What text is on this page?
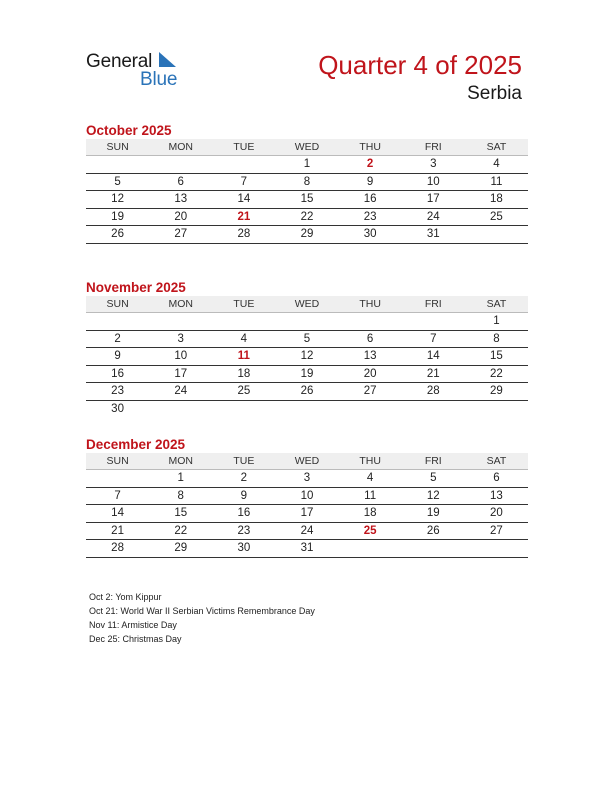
General
Blue	Quarter 4 of 2025
Serbia
October 2025
SUN	MON	TUE	WED	THU	FRI	SAT
			1	2	3	4
5	6	7	8	9	10	11
12	13	14	15	16	17	18
19	20	21	22	23	24	25
26	27	28	29	30	31	
November 2025
SUN	MON	TUE	WED	THU	FRI	SAT
						1
2	3	4	5	6	7	8
9	10	11	12	13	14	15
16	17	18	19	20	21	22
23	24	25	26	27	28	29
30						
December 2025
SUN	MON	TUE	WED	THU	FRI	SAT
	1	2	3	4	5	6
7	8	9	10	11	12	13
14	15	16	17	18	19	20
21	22	23	24	25	26	27
28	29	30	31			
Oct 2: Yom Kippur
Oct 21: World War II Serbian Victims Remembrance Day
Nov 11: Armistice Day
Dec 25: Christmas Day
